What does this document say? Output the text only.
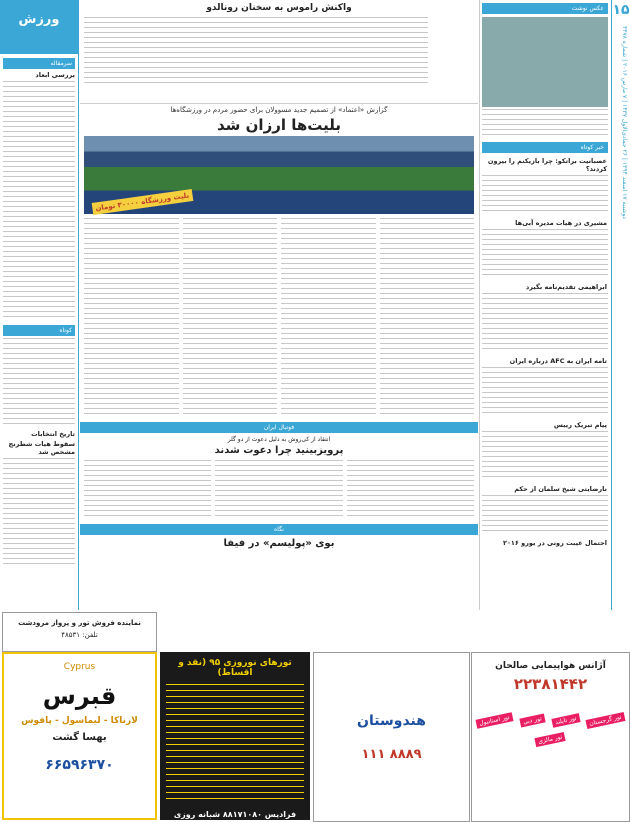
۱۵
دوشنبه ۱۷ اسفند ۱۳۹۴ | ۲۶ جمادی‌الاول ۱۴۳۷ | ۷ مارس ۲۰۱۶ | شماره ۳۴۷۸
ورزش
سرمقاله
بررسی ابعاد
کوتاه
تاریخ انتخابات
سقوط هیات شطرنج مشخص شد
واکنش راموس به سخنان رونالدو
گزارش «اعتماد» از تصمیم جدید مسوولان برای حضور مردم در ورزشگاه‌ها
بلیت‌ها ارزان شد
بلیت ورزشگاه ۳۰۰۰۰ تومان
فوتبال ایران
انتقاد از کی‌روش به دلیل دعوت از دو گلر
پرویزبینید چرا دعوت شدند
نگاه
بوی «پولیسم» در فیفا
عکس نوشت
خبر کوتاه
عصبانیت براتکو: چرا بازیکنم را بیرون کردند؟
مشیری در هیات مدیره آبی‌ها
ابراهیمی تقدیم‌نامه بگیرد
تامه ایران به AFC درباره ایران
پیام تبریک رییس
نارضایتی شیخ سلمان از حکم
احتمال غیبت رونی در یورو ۲۰۱۶
نماینده فروش تور و پرواز مرودشت
تلفن: ۴۸۵۳۱
Cyprus
قبرس
لارناکا - لیماسول - پافوس
بهسا گشت
۶۶۵۹۶۳۷۰
تورهای نوروزی ۹۵ (نقد و اقساط)
فرادیس ۸۸۱۷۱۰۸۰ شبانه روزی
هندوستان
۸۸۸۹ ۱۱۱
آژانس هواپیمایی صالحان
۲۲۳۸۱۴۴۲
تور گرجستان تور تایلند تور دبی تور استانبول تور مالزی
